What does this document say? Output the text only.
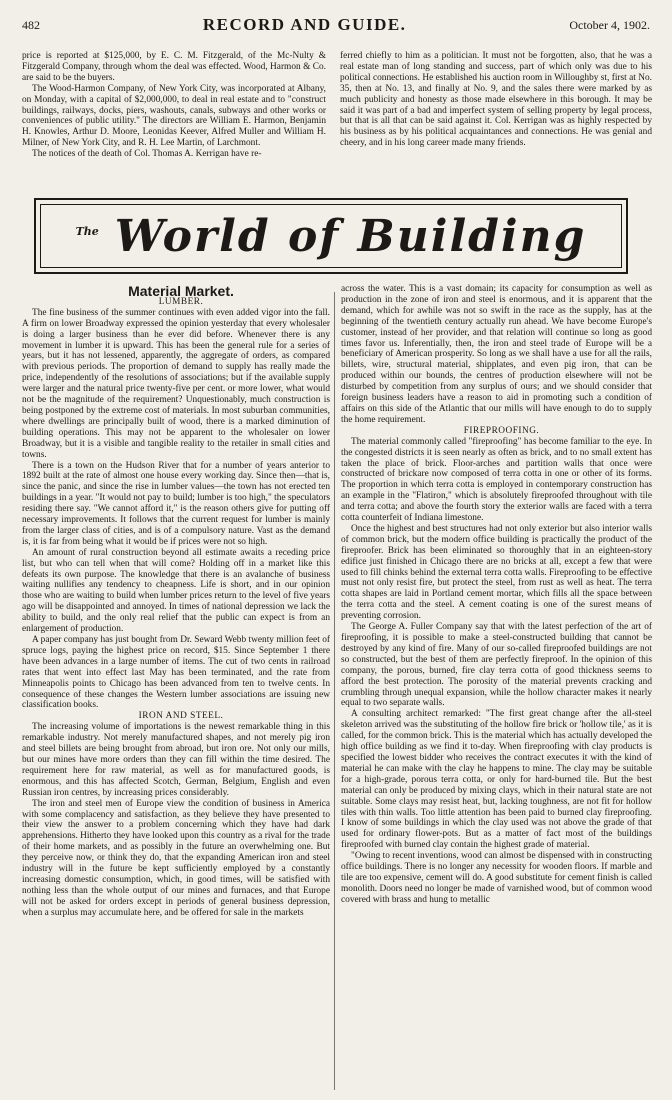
482	RECORD AND GUIDE.	October 4, 1902.

price is reported at $125,000, by E. C. M. Fitzgerald, of the Mc-Nulty & Fitzgerald Company, through whom the deal was effected. Wood, Harmon & Co. are said to be the buyers.

The Wood-Harmon Company, of New York City, was incorporated at Albany, on Monday, with a capital of $2,000,000, to deal in real estate and to "construct buildings, railways, docks, piers, washouts, canals, subways and other works or conveniences of public utility." The directors are William E. Harmon, Benjamin H. Knowles, Arthur D. Moore, Leonidas Keever, Alfred Muller and William H. Milner, of New York City, and R. H. Lee Martin, of Larchmont.

The notices of the death of Col. Thomas A. Kerrigan have re-

ferred chiefly to him as a politician. It must not be forgotten, also, that he was a real estate man of long standing and success, part of which only was due to his political connections. He established his auction room in Willoughby st, first at No. 35, then at No. 13, and finally at No. 9, and the sales there were marked by as much publicity and honesty as those made elsewhere in this borough. It may be said it was part of a bad and imperfect system of selling property by legal process, but that is all that can be said against it. Col. Kerrigan was as highly respected by his business as by his political acquaintances and connections. He was genial and cheery, and in his long career made many friends.

The World of Building

Material Market.

LUMBER.

The fine business of the summer continues with even added vigor into the fall. A firm on lower Broadway expressed the opinion yesterday that every wholesaler is doing a larger business than he ever did before. Whenever there is any movement in lumber it is upward. This has been the general rule for a series of years, but it has not lessened, apparently, the aggregate of orders, as compared with previous periods. The proportion of demand to supply has really made the price, independently of the resolutions of associations; but if the available supply were larger and the natural price twenty-five per cent. or more lower, what would not be the magnitude of the requirement? Unquestionably, much construction is being postponed by the extreme cost of materials. In most suburban communities, where dwellings are principally built of wood, there is a marked diminution of building operations. This may not be apparent to the wholesaler on lower Broadway, but it is a visible and tangible reality to the retailer in small cities and towns.

There is a town on the Hudson River that for a number of years anterior to 1892 built at the rate of almost one house every working day. Since then—that is, since the panic, and since the rise in lumber values—the town has not erected ten buildings in a year. "It would not pay to build; lumber is too high," the speculators residing there say. "We cannot afford it," is the reason others give for putting off necessary improvements. It follows that the current request for lumber is mainly from the larger class of cities, and is of a compulsory nature. Vast as the demand is, it is far from being what it would be if prices were not so high.

An amount of rural construction beyond all estimate awaits a receding price list, but who can tell when that will come? Holding off in a market like this defeats its own purpose. The knowledge that there is an avalanche of business waiting nullifies any tendency to cheapness. Life is short, and in our opinion those who are waiting to build when lumber prices return to the level of five years ago will be disappointed and annoyed. In times of national depression we lack the ability to build, and the only real relief that the public can expect is from an enlargement of production.

A paper company has just bought from Dr. Seward Webb twenty million feet of spruce logs, paying the highest price on record, $15. Since September 1 there have been advances in a large number of items. The cut of two cents in railroad rates that went into effect last May has been terminated, and the rate from Minneapolis points to Chicago has been advanced from ten to twelve cents. In consequence of these changes the Western lumber associations are issuing new classification books.

IRON AND STEEL.

The increasing volume of importations is the newest remarkable thing in this remarkable industry. Not merely manufactured shapes, and not merely pig iron and steel billets are being brought from abroad, but iron ore. Not only our mills, but our mines have more orders than they can fill within the time desired. The requirement here for raw material, as well as for manufactured goods, is enormous, and this has affected Scotch, German, Belgium, English and even Russian iron centres, by increasing prices considerably.

The iron and steel men of Europe view the condition of business in America with some complacency and satisfaction, as they believe they have presented to their view the answer to a problem concerning which they have had dark apprehensions. Hitherto they have looked upon this country as a rival for the trade of their home markets, and as possibly in the future an overwhelming one. But they perceive now, or think they do, that the expanding American iron and steel industry will in the future be kept sufficiently employed by a constantly increasing domestic consumption, which, in good times, will be satisfied with nothing less than the whole output of our mines and furnaces, and that Europe will not be asked for orders except in periods of general business depression, when a surplus may accumulate here, and be offered for sale in the markets

across the water. This is a vast domain; its capacity for consumption as well as production in the zone of iron and steel is enormous, and it is apparent that the demand, which for awhile was not so swift in the race as the supply, has at the beginning of the twentieth century actually run ahead. We have become Europe's customer, instead of her provider, and that relation will continue so long as good times favor us. Inferentially, then, the iron and steel trade of Europe will be a beneficiary of American prosperity. So long as we shall have a use for all the rails, billets, wire, structural material, shipplates, and even pig iron, that can be produced within our bounds, the centres of production elsewhere will not be disturbed by competition from any surplus of ours; and we should consider that foreign business leaders have a reason to aid in promoting such a condition of affairs on this side of the Atlantic that our mills will have enough to do to supply the home requirement.

FIREPROOFING.

The material commonly called "fireproofing" has become familiar to the eye. In the congested districts it is seen nearly as often as brick, and to no small extent has taken the place of brick. Floor-arches and partition walls that once were constructed of brickare now composed of terra cotta in one or other of its forms. The proportion in which terra cotta is employed in contemporary construction has an example in the "Flatiron," which is absolutely fireproofed throughout with tile and terra cotta; and above the fourth story the exterior walls are faced with a terra cotta counterfeit of Indiana limestone.

Once the highest and best structures had not only exterior but also interior walls of common brick, but the modern office building is practically the product of the fireproofer. Brick has been eliminated so thoroughly that in an eighteen-story edifice just finished in Chicago there are no bricks at all, except a few that were used to fill chinks behind the external terra cotta walls. Fireproofing to be effective must not only resist fire, but protect the steel, from rust as well as heat. The terra cotta shapes are laid in Portland cement mortar, which fills all the space between the terra cotta and the steel. A cement coating is one of the surest means of preventing corrosion.

The George A. Fuller Company say that with the latest perfection of the art of fireproofing, it is possible to make a steel-constructed building that cannot be destroyed by any kind of fire. Many of our so-called fireproofed buildings are not so constructed, but the best of them are perfectly fireproof. In the opinion of this company, the porous, burned, fire clay terra cotta of good thickness seems to afford the best protection. The porosity of the material prevents cracking and crumbling through unequal expansion, while the hollow character makes it nearly equal to two separate walls.

A consulting architect remarked: "The first great change after the all-steel skeleton arrived was the substituting of the hollow fire brick or 'hollow tile,' as it is called, for the common brick. This is the material which has actually developed the high office building as we find it to-day. When fireproofing with clay products is specified the lowest bidder who receives the contract executes it with the kind of material he can make with the clay he happens to mine. The clay may be suitable for a high-grade, porous terra cotta, or only for hard-burned tile. But the best material can only be produced by mixing clays, which in their natural state are not suitable. Some clays may resist heat, but, lacking toughness, are not fit for hollow tiles with thin walls. Too little attention has been paid to burned clay fireproofing. I know of some buildings in which the clay used was not above the grade of that used for ordinary flower-pots. But as a matter of fact most of the buildings fireproofed with burned clay contain the highest grade of material.

"Owing to recent inventions, wood can almost be dispensed with in constructing office buildings. There is no longer any necessity for wooden floors. If marble and tile are too expensive, cement will do. A good substitute for cement finish is called monolith. Doors need no longer be made of varnished wood, but of common wood covered with brass and hung to metallic
